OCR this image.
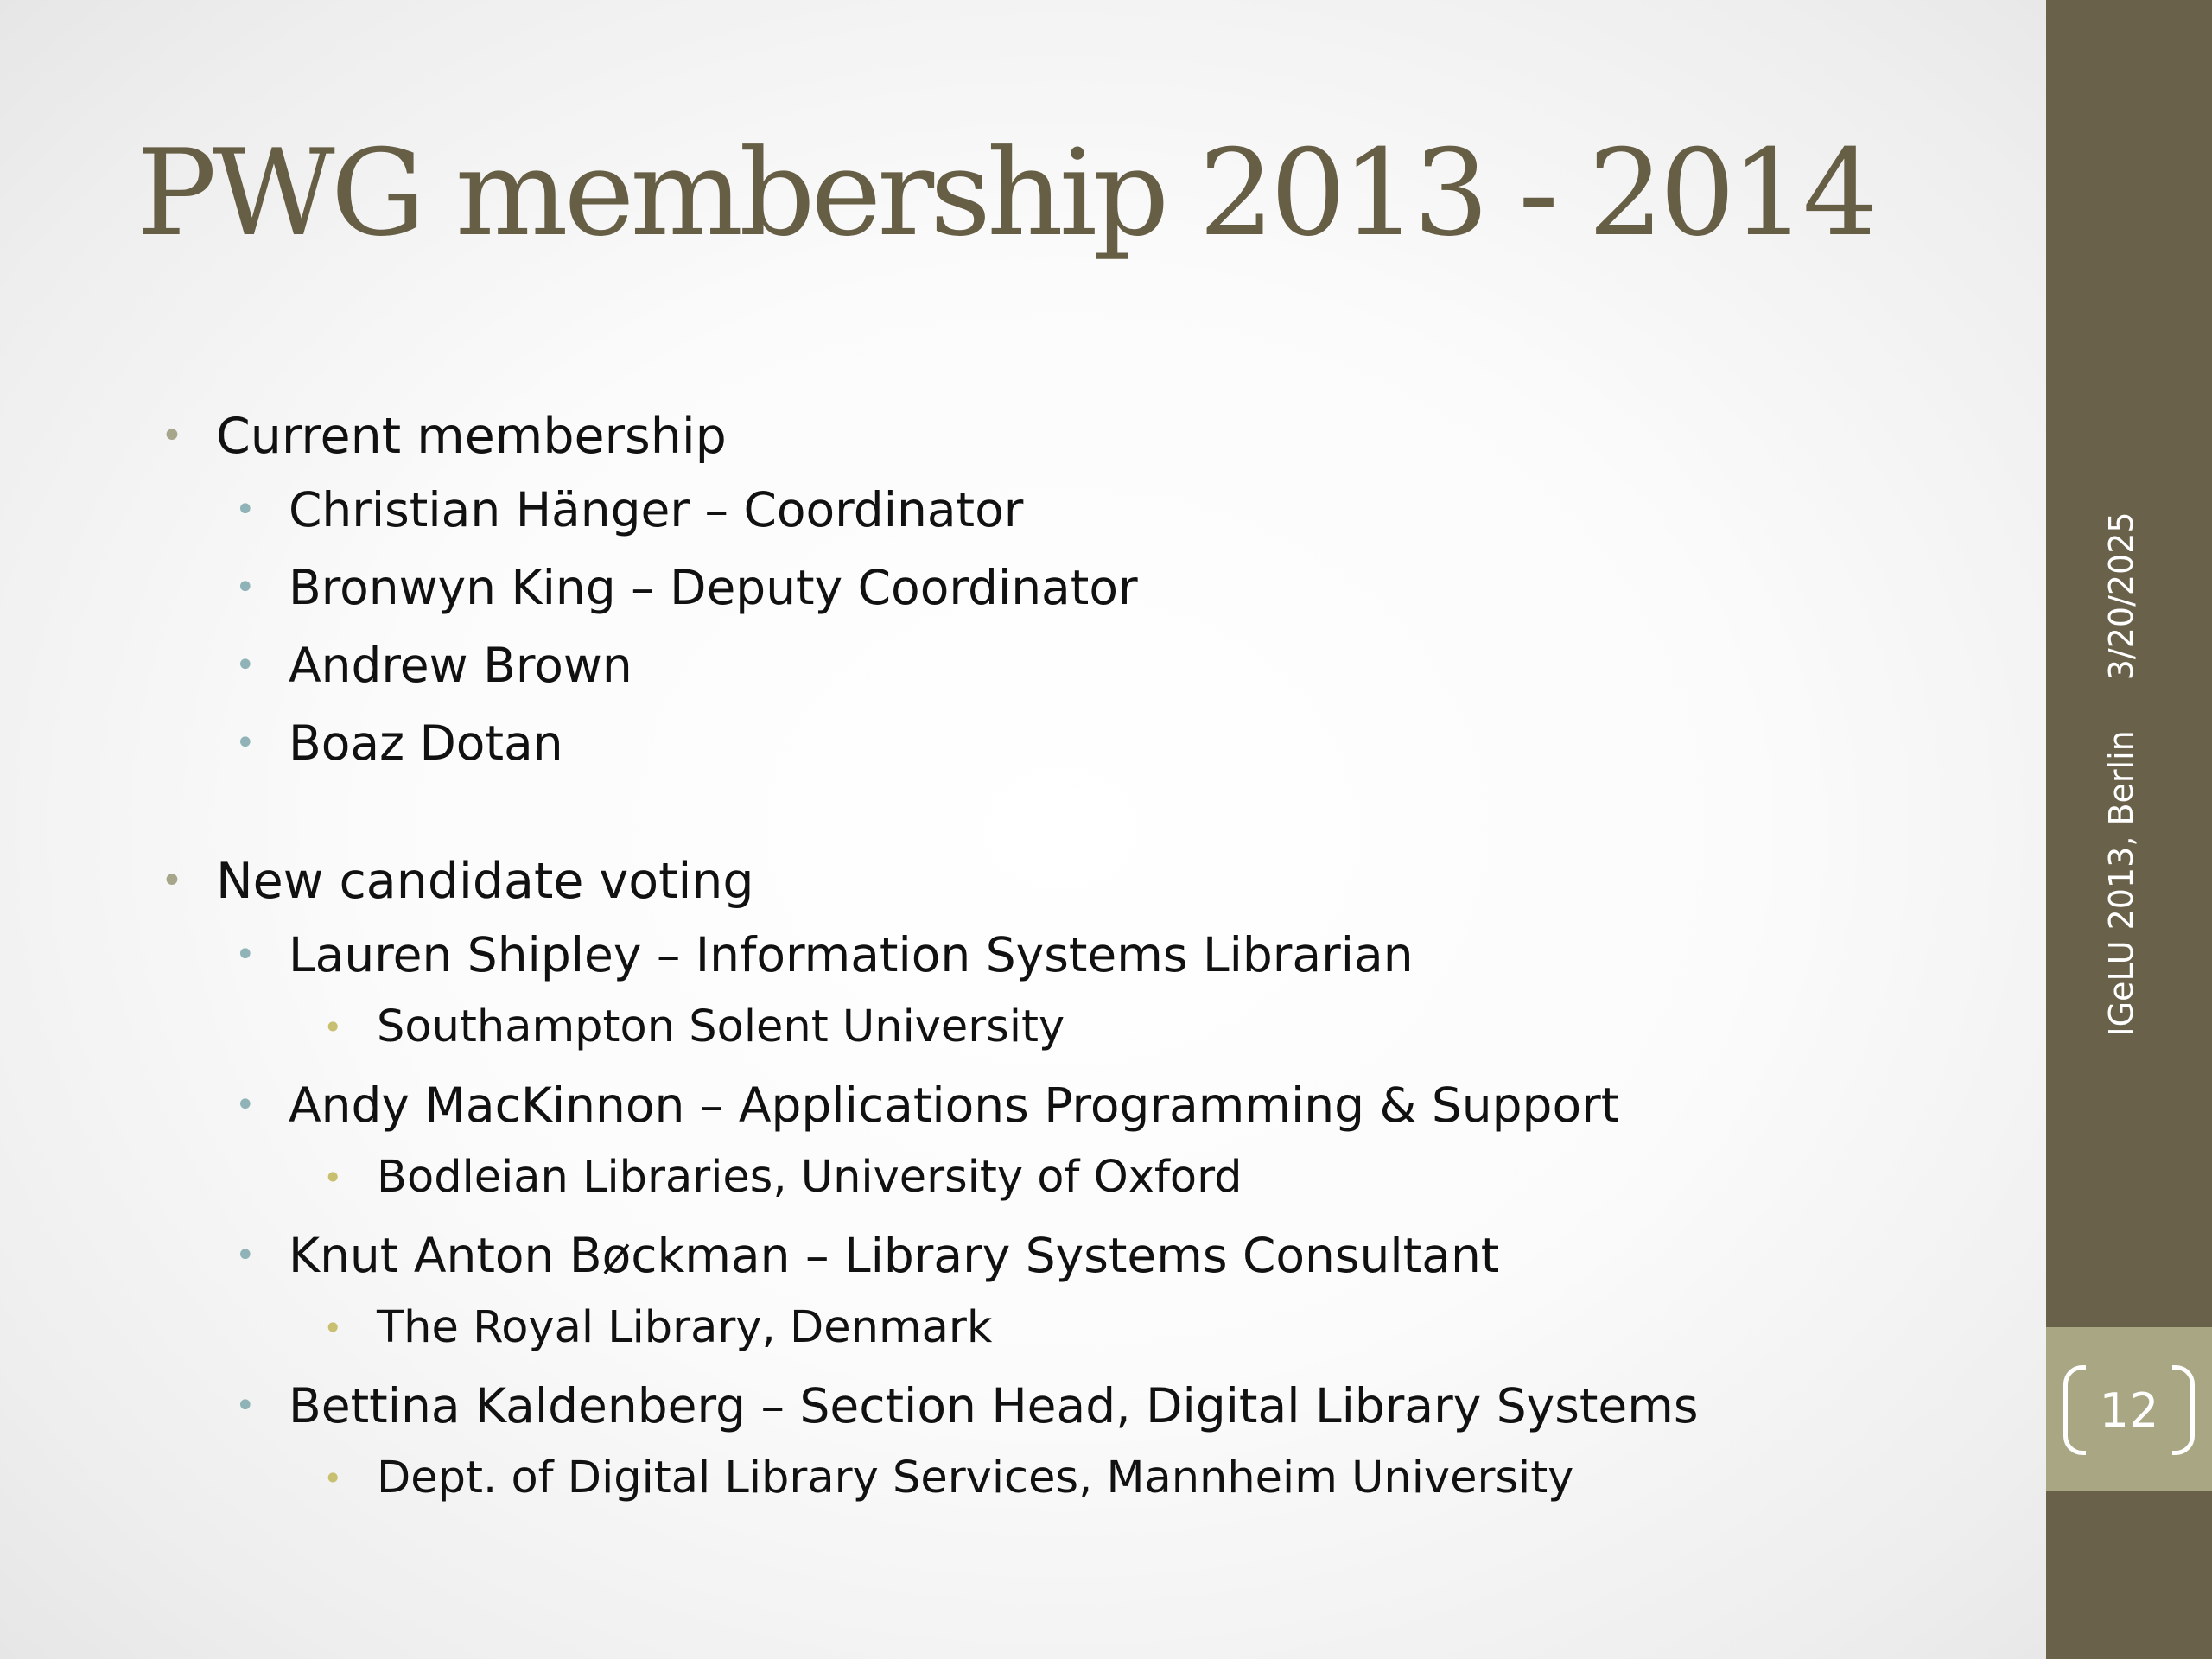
PWG membership 2013 - 2014
• Current membership
• Christian Hänger – Coordinator
• Bronwyn King – Deputy Coordinator
• Andrew Brown
• Boaz Dotan
• New candidate voting
• Lauren Shipley – Information Systems Librarian
• Southampton Solent University
• Andy MacKinnon – Applications Programming & Support
• Bodleian Libraries, University of Oxford
• Knut Anton Bøckman – Library Systems Consultant
• The Royal Library, Denmark
• Bettina Kaldenberg – Section Head, Digital Library Systems
• Dept. of Digital Library Services, Mannheim University
IGeLU 2013, Berlin3/20/2025
12
